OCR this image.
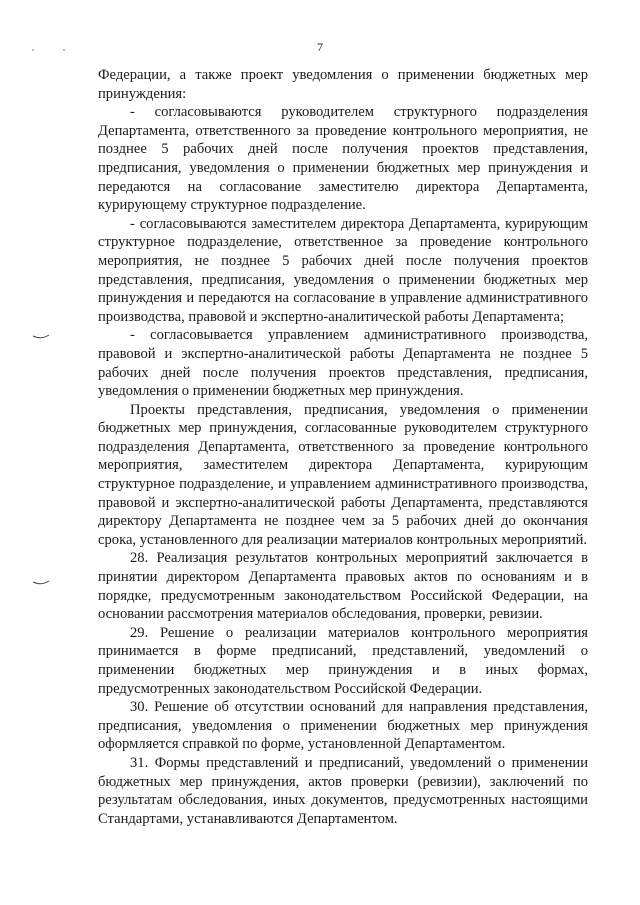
7

Федерации, а также проект уведомления о применении бюджетных мер принуждения:

- согласовываются руководителем структурного подразделения Департамента, ответственного за проведение контрольного мероприятия, не позднее 5 рабочих дней после получения проектов представления, предписания, уведомления о применении бюджетных мер принуждения и передаются на согласование заместителю директора Департамента, курирующему структурное подразделение.

- согласовываются заместителем директора Департамента, курирующим структурное подразделение, ответственное за проведение контрольного мероприятия, не позднее 5 рабочих дней после получения проектов представления, предписания, уведомления о применении бюджетных мер принуждения и передаются на согласование в управление административного производства, правовой и экспертно-аналитической работы Департамента;

- согласовывается управлением административного производства, правовой и экспертно-аналитической работы Департамента не позднее 5 рабочих дней после получения проектов представления, предписания, уведомления о применении бюджетных мер принуждения.

Проекты представления, предписания, уведомления о применении бюджетных мер принуждения, согласованные руководителем структурного подразделения Департамента, ответственного за проведение контрольного мероприятия, заместителем директора Департамента, курирующим структурное подразделение, и управлением административного производства, правовой и экспертно-аналитической работы Департамента, представляются директору Департамента не позднее чем за 5 рабочих дней до окончания срока, установленного для реализации материалов контрольных мероприятий.

28. Реализация результатов контрольных мероприятий заключается в принятии директором Департамента правовых актов по основаниям и в порядке, предусмотренным законодательством Российской Федерации, на основании рассмотрения материалов обследования, проверки, ревизии.

29. Решение о реализации материалов контрольного мероприятия принимается в форме предписаний, представлений, уведомлений о применении бюджетных мер принуждения и в иных формах, предусмотренных законодательством Российской Федерации.

30. Решение об отсутствии оснований для направления представления, предписания, уведомления о применении бюджетных мер принуждения оформляется справкой по форме, установленной Департаментом.

31. Формы представлений и предписаний, уведомлений о применении бюджетных мер принуждения, актов проверки (ревизии), заключений по результатам обследования, иных документов, предусмотренных настоящими Стандартами, устанавливаются Департаментом.
